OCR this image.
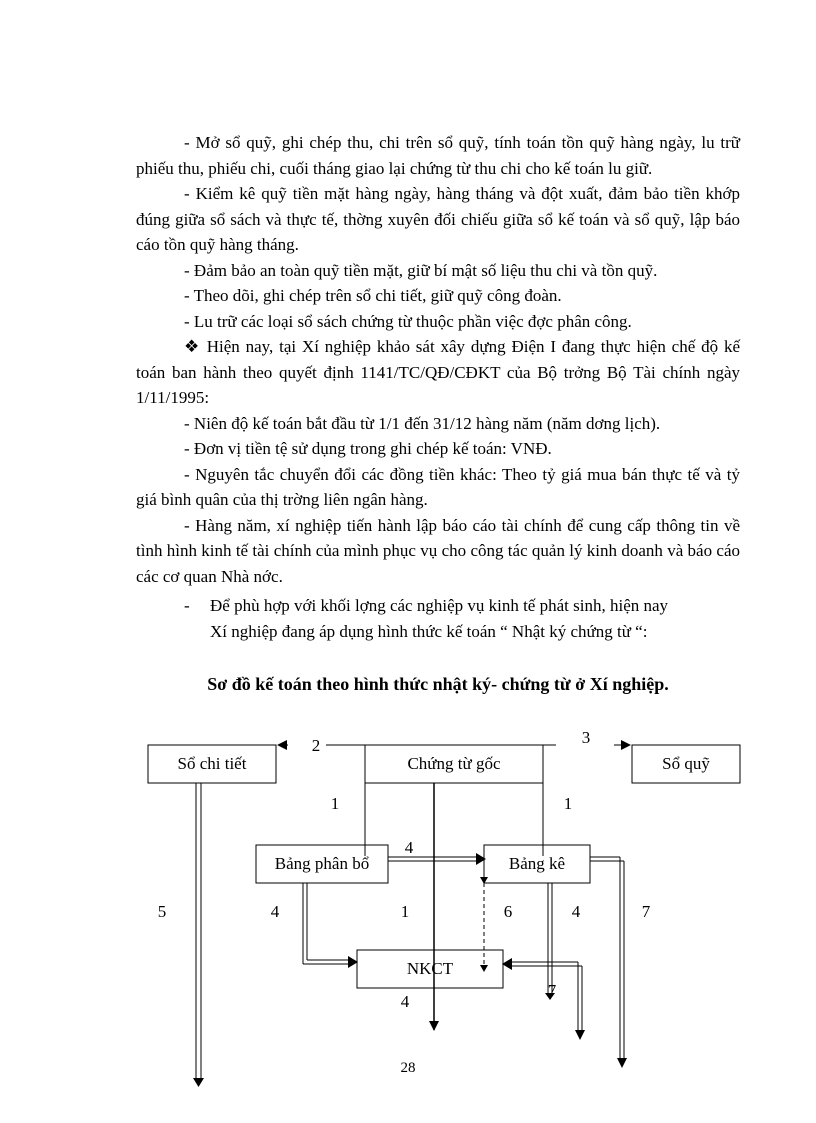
- Mở sổ quỹ, ghi chép thu, chi trên sổ quỹ, tính toán tồn quỹ hàng ngày, lu trữ phiếu thu, phiếu chi, cuối tháng giao lại chứng từ thu chi cho kế toán lu giữ.

- Kiểm kê quỹ tiền mặt hàng ngày, hàng tháng và đột xuất, đảm bảo tiền khớp đúng giữa sổ sách và thực tế, thờng xuyên đối chiếu giữa sổ kế toán và sổ quỹ, lập báo cáo tồn quỹ hàng tháng.

- Đảm bảo an toàn quỹ tiền mặt, giữ bí mật số liệu thu chi và tồn quỹ.

- Theo dõi, ghi chép trên sổ chi tiết, giữ quỹ công đoàn.

- Lu trữ các loại sổ sách chứng từ thuộc phần việc đợc phân công.

❖ Hiện nay, tại Xí nghiệp khảo sát xây dựng Điện I đang thực hiện chế độ kế toán ban hành theo quyết định 1141/TC/QĐ/CĐKT của Bộ trởng Bộ Tài chính ngày 1/11/1995:

- Niên độ kế toán bắt đầu từ 1/1 đến 31/12 hàng năm (năm dơng lịch).

- Đơn vị tiền tệ sử dụng trong ghi chép kế toán: VNĐ.

- Nguyên tắc chuyển đổi các đồng tiền khác: Theo tỷ giá mua bán thực tế và tỷ giá bình quân của thị trờng liên ngân hàng.

- Hàng năm, xí nghiệp tiến hành lập báo cáo tài chính để cung cấp thông tin về tình hình kinh tế tài chính của mình phục vụ cho công tác quản lý kinh doanh và báo cáo các cơ quan Nhà nớc.

- Để phù hợp với khối lợng các nghiệp vụ kinh tế phát sinh, hiện nay

Xí nghiệp đang áp dụng hình thức kế toán “ Nhật ký chứng từ “:

Sơ đồ kế toán theo hình thức nhật ký- chứng từ ở Xí nghiệp.
Sổ chi tiết	Chứng từ gốc	Sổ quỹ
Bảng phân bổ	Bảng kê
NKCT
2	3
1	1
4
5	4	1	6	4	7
4
7
28
